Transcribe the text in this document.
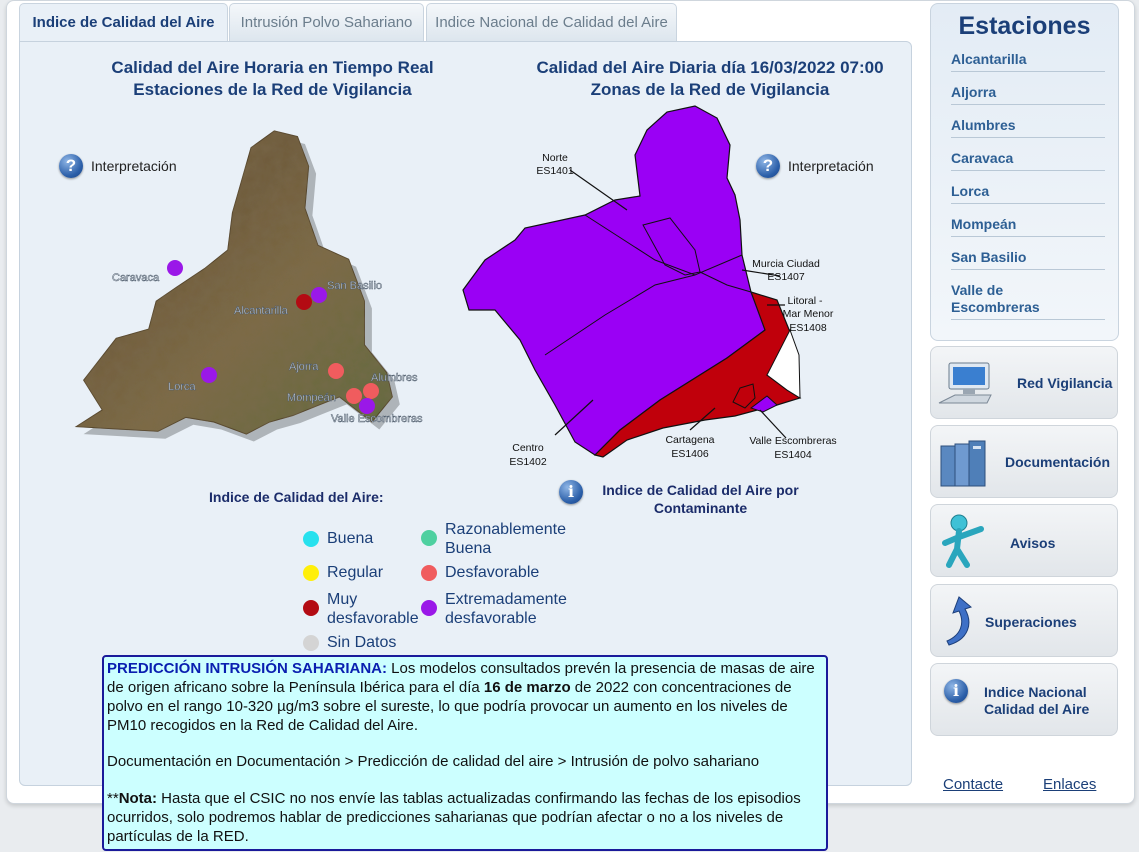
Indice de Calidad del Aire	Intrusión Polvo Sahariano	Indice Nacional de Calidad del Aire
Calidad del Aire Horaria en Tiempo Real
Estaciones de la Red de Vigilancia
Calidad del Aire Diaria día 16/03/2022 07:00
Zonas de la Red de Vigilancia
?	Interpretación	?	Interpretación
Caravaca
San Basilio
Alcantarilla
Ajorra
Alumbres
Lorca
Mompeán
Valle Escombreras
Norte
ES1401
Murcia Ciudad
ES1407
Litoral -
Mar Menor
ES1408
Centro
ES1402
Cartagena
ES1406
Valle Escombreras
ES1404
Indice de Calidad del Aire:
Buena
Razonablemente
Buena
Regular	Desfavorable
Muy
desfavorable
Extremadamente
desfavorable
Sin Datos
i	Indice de Calidad del Aire por
Contaminante
PREDICCIÓN INTRUSIÓN SAHARIANA: Los modelos consultados prevén la presencia de masas de aire de origen africano sobre la Península Ibérica para el día 16 de marzo de 2022 con concentraciones de polvo en el rango 10-320 µg/m3 sobre el sureste, lo que podría provocar un aumento en los niveles de PM10 recogidos en la Red de Calidad del Aire.
Documentación en Documentación > Predicción de calidad del aire > Intrusión de polvo sahariano
**Nota: Hasta que el CSIC no nos envíe las tablas actualizadas confirmando las fechas de los episodios ocurridos, solo podremos hablar de predicciones saharianas que podrían afectar o no a los niveles de partículas de la RED.
Estaciones
Alcantarilla
Aljorra
Alumbres
Caravaca
Lorca
Mompeán
San Basilio
Valle de
Escombreras
Red Vigilancia
Documentación
Avisos
Superaciones
i	Indice Nacional
Calidad del Aire
Contacte	Enlaces
